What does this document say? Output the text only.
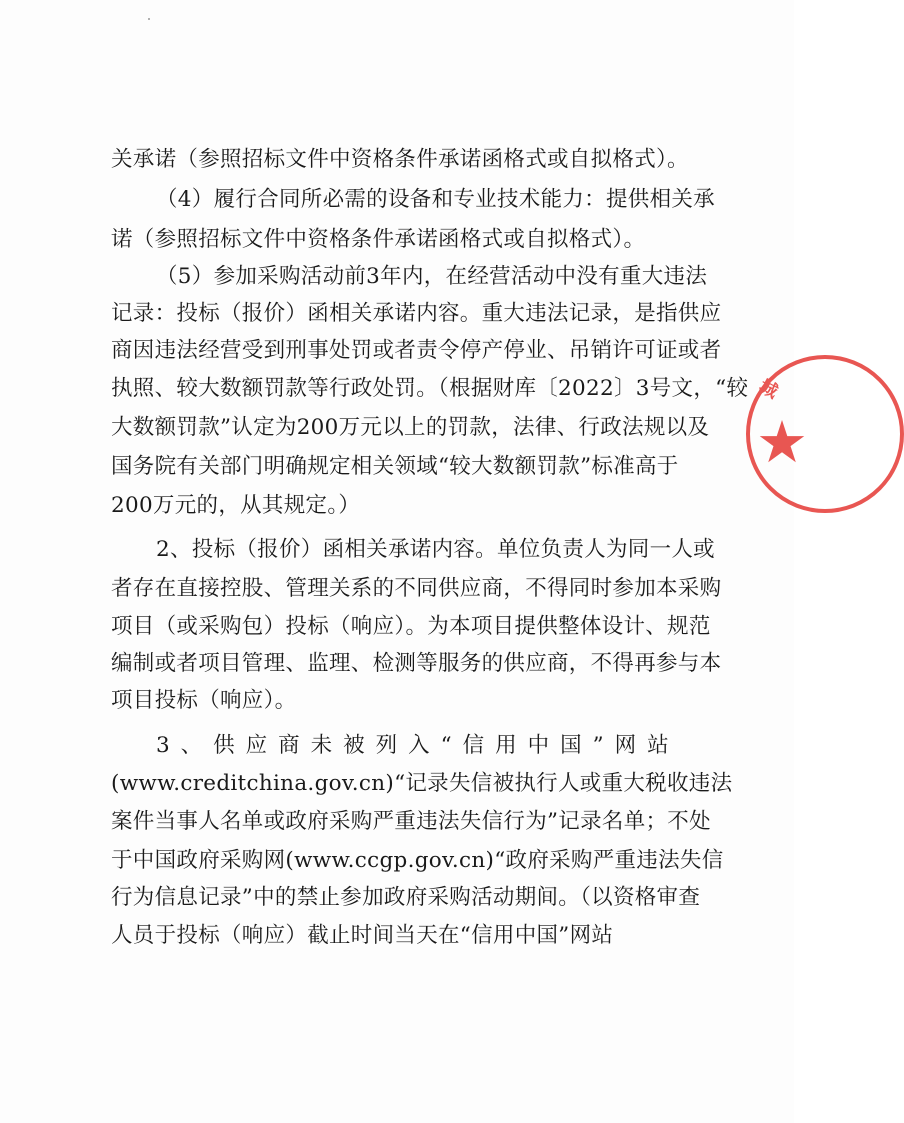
关承诺（参照招标文件中资格条件承诺函格式或自拟格式）。
（4）履行合同所必需的设备和专业技术能力：提供相关承
诺（参照招标文件中资格条件承诺函格式或自拟格式）。
（5）参加采购活动前3年内，在经营活动中没有重大违法
记录：投标（报价）函相关承诺内容。重大违法记录，是指供应
商因违法经营受到刑事处罚或者责令停产停业、吊销许可证或者
执照、较大数额罚款等行政处罚。（根据财库〔2022〕3号文，“较
大数额罚款”认定为200万元以上的罚款，法律、行政法规以及
国务院有关部门明确规定相关领域“较大数额罚款”标准高于
200万元的，从其规定。）
2、投标（报价）函相关承诺内容。单位负责人为同一人或
者存在直接控股、管理关系的不同供应商，不得同时参加本采购
项目（或采购包）投标（响应）。为本项目提供整体设计、规范
编制或者项目管理、监理、检测等服务的供应商，不得再参与本
项目投标（响应）。
3、供应商未被列入“信用中国”网站
(www.creditchina.gov.cn)“记录失信被执行人或重大税收违法
案件当事人名单或政府采购严重违法失信行为”记录名单；不处
于中国政府采购网(www.ccgp.gov.cn)“政府采购严重违法失信
行为信息记录”中的禁止参加政府采购活动期间。（以资格审查
人员于投标（响应）截止时间当天在“信用中国”网站
城
★
